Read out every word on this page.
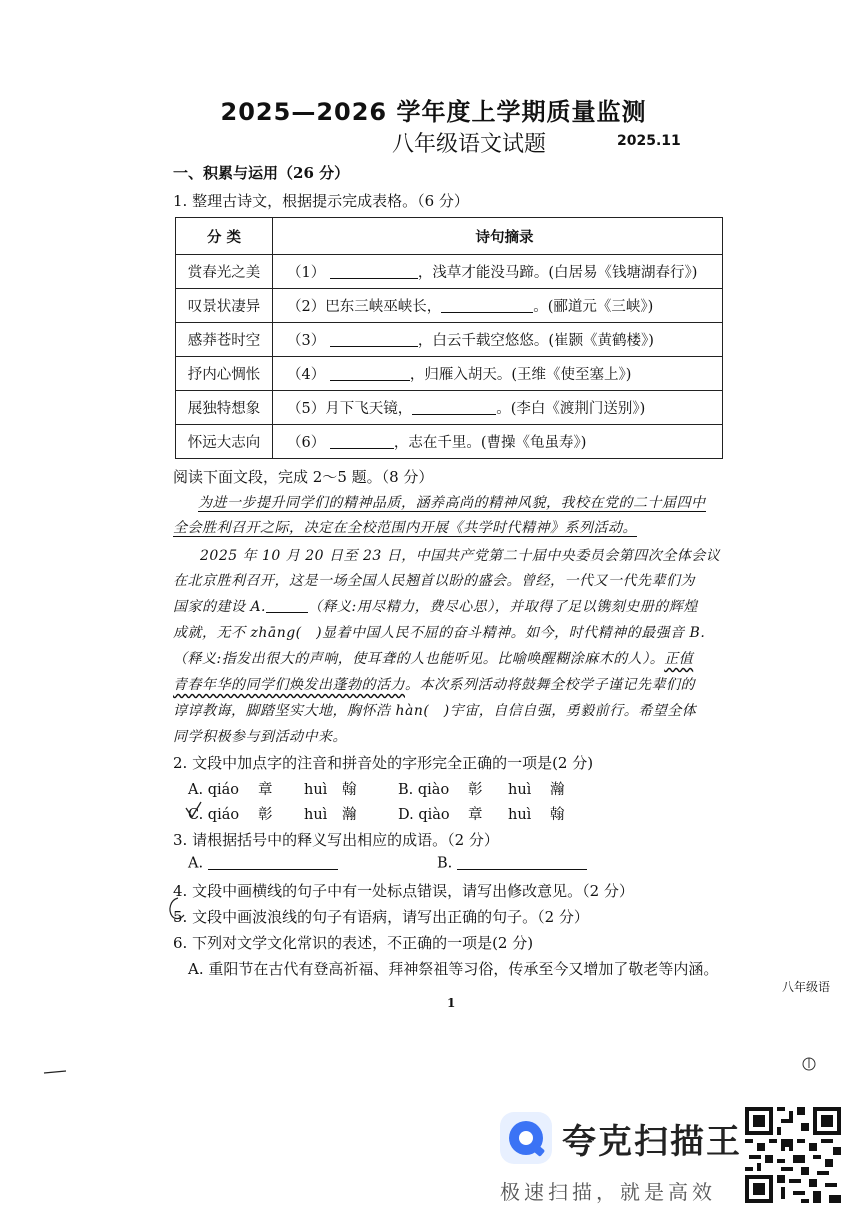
2025—2026 学年度上学期质量监测
八年级语文试题	2025.11
一、积累与运用（26 分）
1. 整理古诗文，根据提示完成表格。（6 分）
分 类	诗句摘录
赏春光之美	（1） ，浅草才能没马蹄。(白居易《钱塘湖春行》)
叹景状凄异	（2）巴东三峡巫峡长， 。(郦道元《三峡》)
感莽苍时空	（3） ，白云千载空悠悠。(崔颢《黄鹤楼》)
抒内心惆怅	（4） ，归雁入胡天。(王维《使至塞上》)
展独特想象	（5）月下飞天镜， 。(李白《渡荆门送别》)
怀远大志向	（6） ，志在千里。(曹操《龟虽寿》)
阅读下面文段，完成 2～5 题。（8 分）
为进一步提升同学们的精神品质，涵养高尚的精神风貌，我校在党的二十届四中
全会胜利召开之际，决定在全校范围内开展《共学时代精神》系列活动。
2025 年 10 月 20 日至 23 日，中国共产党第二十届中央委员会第四次全体会议
在北京胜利召开，这是一场全国人民翘首以盼的盛会。曾经，一代又一代先辈们为
国家的建设 A.	（释义:用尽精力，费尽心思），并取得了足以镌刻史册的辉煌
成就，无不 zhāng(　)显着中国人民不屈的奋斗精神。如今，时代精神的最强音 B.
（释义:指发出很大的声响，使耳聋的人也能听见。比喻唤醒糊涂麻木的人）。正值
青春年华的同学们焕发出蓬勃的活力。本次系列活动将鼓舞全校学子谨记先辈们的
谆谆教诲，脚踏坚实大地，胸怀浩 hàn(　)宇宙，自信自强，勇毅前行。希望全体
同学积极参与到活动中来。
2. 文段中加点字的注音和拼音处的字形完全正确的一项是(2 分)
A. qiáo 章 huì 翰	B. qiào 彰 huì 瀚
C. qiáo 彰 huì 瀚	D. qiào 章 huì 翰
3. 请根据括号中的释义写出相应的成语。（2 分）
A.	B.
4. 文段中画横线的句子中有一处标点错误，请写出修改意见。（2 分）
5. 文段中画波浪线的句子有语病，请写出正确的句子。（2 分）
6. 下列对文学文化常识的表述，不正确的一项是(2 分)
A. 重阳节在古代有登高祈福、拜神祭祖等习俗，传承至今又增加了敬老等内涵。
八年级语
1
夸克扫描王
极速扫描，就是高效
